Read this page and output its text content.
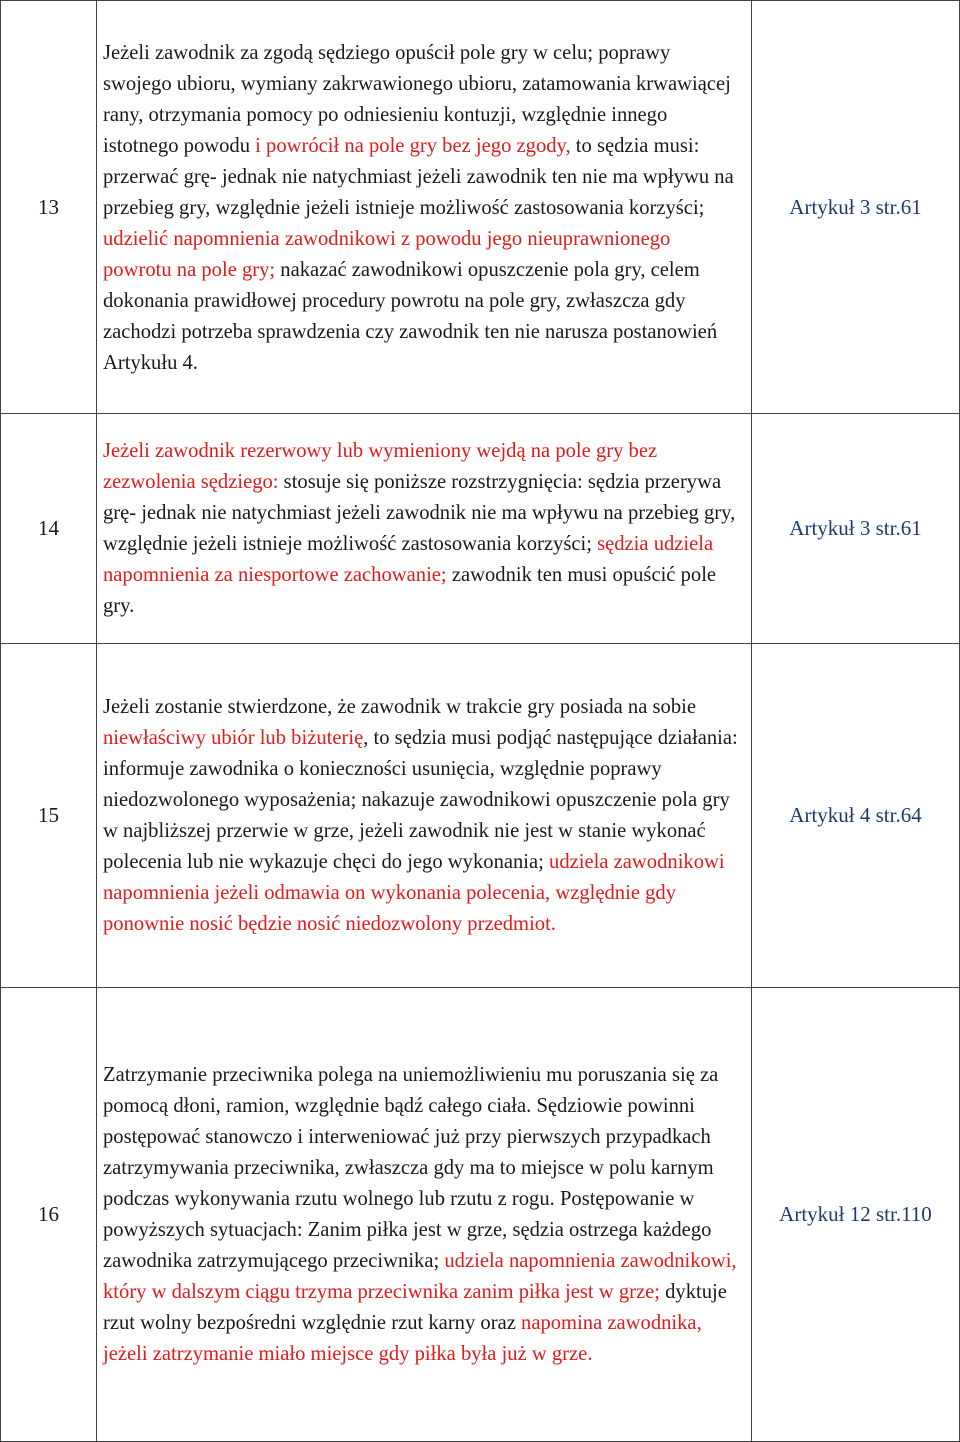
13	Jeżeli zawodnik za zgodą sędziego opuścił pole gry w celu; poprawy swojego ubioru, wymiany zakrwawionego ubioru, zatamowania krwawiącej rany, otrzymania pomocy po odniesieniu kontuzji, względnie innego istotnego powodu i powrócił na pole gry bez jego zgody, to sędzia musi: przerwać grę- jednak nie natychmiast jeżeli zawodnik ten nie ma wpływu na przebieg gry, względnie jeżeli istnieje możliwość zastosowania korzyści; udzielić napomnienia zawodnikowi z powodu jego nieuprawnionego powrotu na pole gry; nakazać zawodnikowi opuszczenie pola gry, celem dokonania prawidłowej procedury powrotu na pole gry, zwłaszcza gdy zachodzi potrzeba sprawdzenia czy zawodnik ten nie narusza postanowień Artykułu 4.	Artykuł 3 str.61
14	Jeżeli zawodnik rezerwowy lub wymieniony wejdą na pole gry bez zezwolenia sędziego: stosuje się poniższe rozstrzygnięcia: sędzia przerywa grę- jednak nie natychmiast jeżeli zawodnik nie ma wpływu na przebieg gry, względnie jeżeli istnieje możliwość zastosowania korzyści; sędzia udziela napomnienia za niesportowe zachowanie; zawodnik ten musi opuścić pole gry.	Artykuł 3 str.61
15	Jeżeli zostanie stwierdzone, że zawodnik w trakcie gry posiada na sobie niewłaściwy ubiór lub biżuterię, to sędzia musi podjąć następujące działania: informuje zawodnika o konieczności usunięcia, względnie poprawy niedozwolonego wyposażenia; nakazuje zawodnikowi opuszczenie pola gry w najbliższej przerwie w grze, jeżeli zawodnik nie jest w stanie wykonać polecenia lub nie wykazuje chęci do jego wykonania; udziela zawodnikowi napomnienia jeżeli odmawia on wykonania polecenia, względnie gdy ponownie nosić będzie nosić niedozwolony przedmiot.	Artykuł 4 str.64
16	Zatrzymanie przeciwnika polega na uniemożliwieniu mu poruszania się za pomocą dłoni, ramion, względnie bądź całego ciała. Sędziowie powinni postępować stanowczo i interweniować już przy pierwszych przypadkach zatrzymywania przeciwnika, zwłaszcza gdy ma to miejsce w polu karnym podczas wykonywania rzutu wolnego lub rzutu z rogu. Postępowanie w powyższych sytuacjach: Zanim piłka jest w grze, sędzia ostrzega każdego zawodnika zatrzymującego przeciwnika; udziela napomnienia zawodnikowi, który w dalszym ciągu trzyma przeciwnika zanim piłka jest w grze; dyktuje rzut wolny bezpośredni względnie rzut karny oraz napomina zawodnika, jeżeli zatrzymanie miało miejsce gdy piłka była już w grze.	Artykuł 12 str.110
